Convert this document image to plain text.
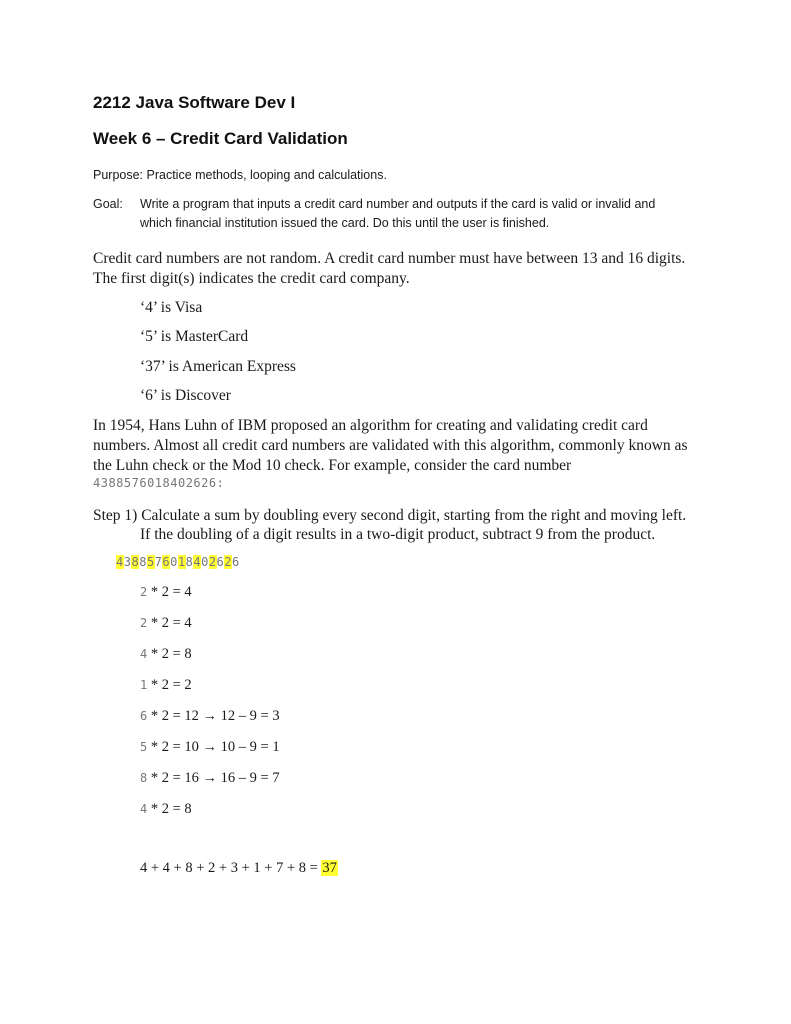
2212 Java Software Dev I
Week 6 – Credit Card Validation
Purpose: Practice methods, looping and calculations.
Goal: Write a program that inputs a credit card number and outputs if the card is valid or invalid and
which financial institution issued the card. Do this until the user is finished.
Credit card numbers are not random. A credit card number must have between 13 and 16 digits.
The first digit(s) indicates the credit card company.
‘4’ is Visa
‘5’ is MasterCard
‘37’ is American Express
‘6’ is Discover
In 1954, Hans Luhn of IBM proposed an algorithm for creating and validating credit card
numbers. Almost all credit card numbers are validated with this algorithm, commonly known as
the Luhn check or the Mod 10 check. For example, consider the card number
4388576018402626:
Step 1) Calculate a sum by doubling every second digit, starting from the right and moving left.
If the doubling of a digit results in a two-digit product, subtract 9 from the product.
4388576018402626
2 * 2 = 4
2 * 2 = 4
4 * 2 = 8
1 * 2 = 2
6 * 2 = 12 → 12 – 9 = 3
5 * 2 = 10 → 10 – 9 = 1
8 * 2 = 16 → 16 – 9 = 7
4 * 2 = 8
4 + 4 + 8 + 2 + 3 + 1 + 7 + 8 = 37
